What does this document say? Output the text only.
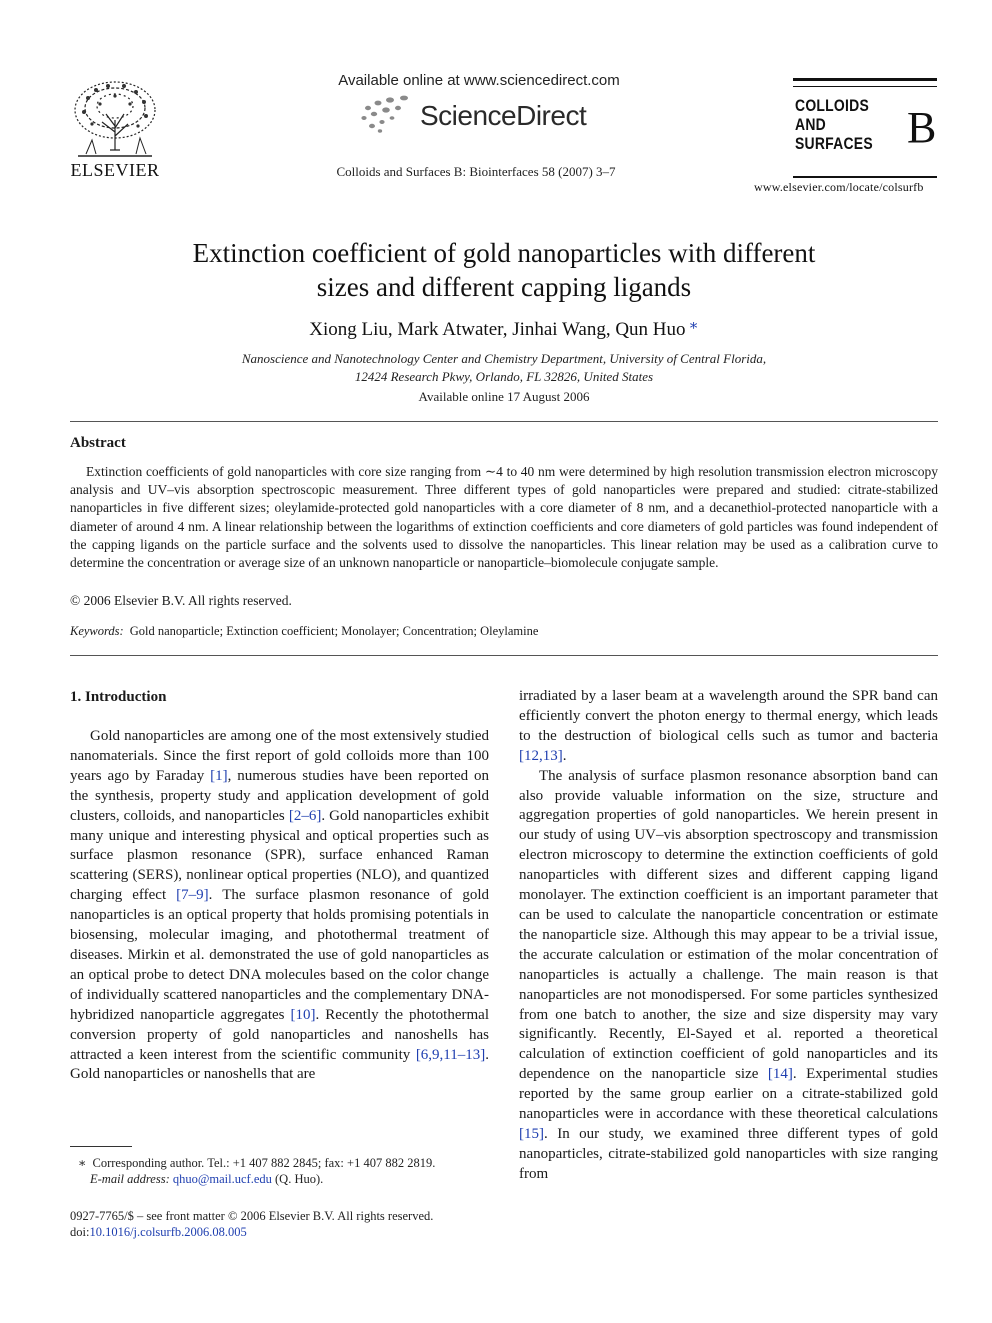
ELSEVIER
Available online at www.sciencedirect.com
ScienceDirect
Colloids and Surfaces B: Biointerfaces 58 (2007) 3–7
COLLOIDS
AND
SURFACES B
www.elsevier.com/locate/colsurfb
Extinction coefficient of gold nanoparticles with different
sizes and different capping ligands
Xiong Liu, Mark Atwater, Jinhai Wang, Qun Huo ∗
Nanoscience and Nanotechnology Center and Chemistry Department, University of Central Florida,
12424 Research Pkwy, Orlando, FL 32826, United States
Available online 17 August 2006
Abstract

Extinction coefficients of gold nanoparticles with core size ranging from ∼4 to 40 nm were determined by high resolution transmission electron microscopy analysis and UV–vis absorption spectroscopic measurement. Three different types of gold nanoparticles were prepared and studied: citrate-stabilized nanoparticles in five different sizes; oleylamide-protected gold nanoparticles with a core diameter of 8 nm, and a decanethiol-protected nanoparticle with a diameter of around 4 nm. A linear relationship between the logarithms of extinction coefficients and core diameters of gold particles was found independent of the capping ligands on the particle surface and the solvents used to dissolve the nanoparticles. This linear relation may be used as a calibration curve to determine the concentration or average size of an unknown nanoparticle or nanoparticle–biomolecule conjugate sample.

© 2006 Elsevier B.V. All rights reserved.
Keywords: Gold nanoparticle; Extinction coefficient; Monolayer; Concentration; Oleylamine
1. Introduction

Gold nanoparticles are among one of the most extensively studied nanomaterials. Since the first report of gold colloids more than 100 years ago by Faraday [1], numerous studies have been reported on the synthesis, property study and application development of gold clusters, colloids, and nanoparticles [2–6]. Gold nanoparticles exhibit many unique and interesting physical and optical properties such as surface plasmon resonance (SPR), surface enhanced Raman scattering (SERS), nonlinear optical properties (NLO), and quantized charging effect [7–9]. The surface plasmon resonance of gold nanoparticles is an optical property that holds promising potentials in biosensing, molecular imaging, and photothermal treatment of diseases. Mirkin et al. demonstrated the use of gold nanoparticles as an optical probe to detect DNA molecules based on the color change of individually scattered nanoparticles and the complementary DNA-hybridized nanoparticle aggregates [10]. Recently the photothermal conversion property of gold nanoparticles and nanoshells has attracted a keen interest from the scientific community [6,9,11–13]. Gold nanoparticles or nanoshells that are

irradiated by a laser beam at a wavelength around the SPR band can efficiently convert the photon energy to thermal energy, which leads to the destruction of biological cells such as tumor and bacteria [12,13].

The analysis of surface plasmon resonance absorption band can also provide valuable information on the size, structure and aggregation properties of gold nanoparticles. We herein present in our study of using UV–vis absorption spectroscopy and transmission electron microscopy to determine the extinction coefficients of gold nanoparticles with different sizes and different capping ligand monolayer. The extinction coefficient is an important parameter that can be used to calculate the nanoparticle concentration or estimate the nanoparticle size. Although this may appear to be a trivial issue, the accurate calculation or estimation of the molar concentration of nanoparticles is actually a challenge. The main reason is that nanoparticles are not monodispersed. For some particles synthesized from one batch to another, the size and size dispersity may vary significantly. Recently, El-Sayed et al. reported a theoretical calculation of extinction coefficient of gold nanoparticles and its dependence on the nanoparticle size [14]. Experimental studies reported by the same group earlier on a citrate-stabilized gold nanoparticles were in accordance with these theoretical calculations [15]. In our study, we examined three different types of gold nanoparticles, citrate-stabilized gold nanoparticles with size ranging from

∗ Corresponding author. Tel.: +1 407 882 2845; fax: +1 407 882 2819.
E-mail address: qhuo@mail.ucf.edu (Q. Huo).
0927-7765/$ – see front matter © 2006 Elsevier B.V. All rights reserved.
doi:10.1016/j.colsurfb.2006.08.005
